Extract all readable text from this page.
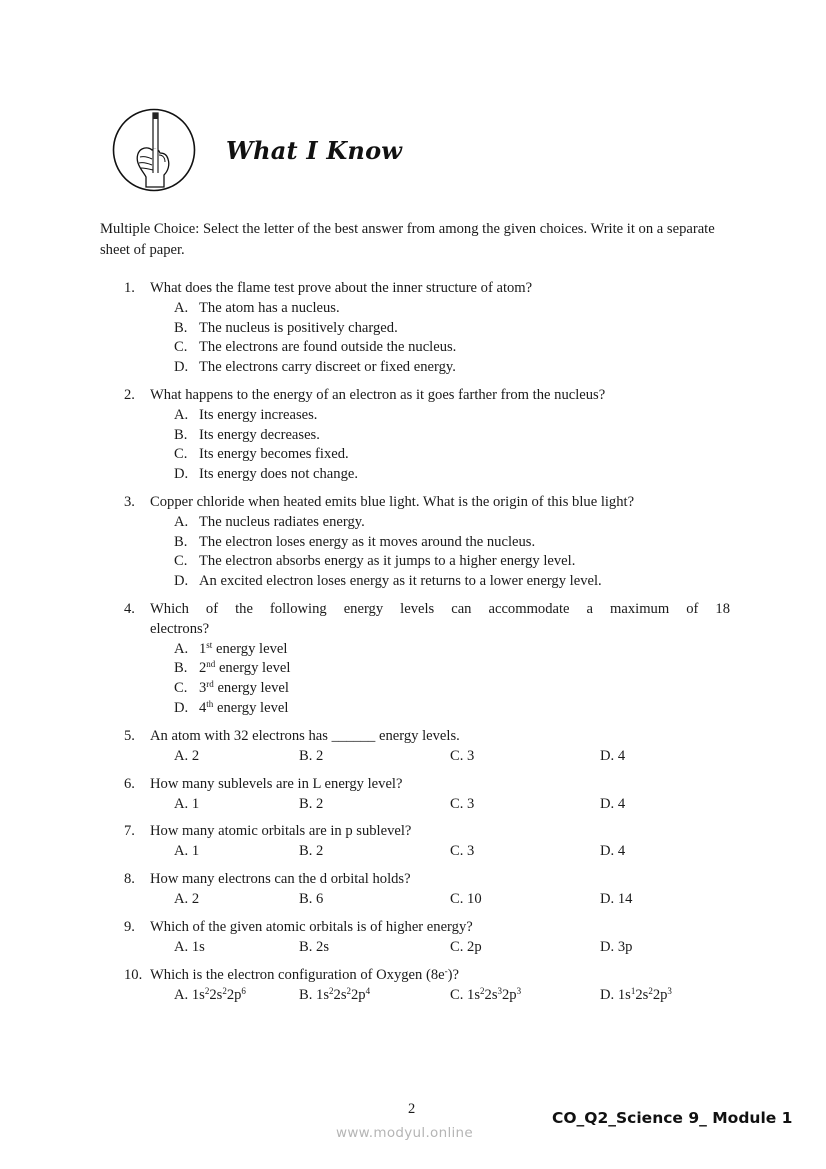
What I Know
Multiple Choice: Select the letter of the best answer from among the given choices. Write it on a separate sheet of paper.
1.	What does the flame test prove about the inner structure of atom?
A. The atom has a nucleus.
B. The nucleus is positively charged.
C. The electrons are found outside the nucleus.
D. The electrons carry discreet or fixed energy.
2.	What happens to the energy of an electron as it goes farther from the nucleus?
A. Its energy increases.
B. Its energy decreases.
C. Its energy becomes fixed.
D. Its energy does not change.
3.	Copper chloride when heated emits blue light. What is the origin of this blue light?
A. The nucleus radiates energy.
B. The electron loses energy as it moves around the nucleus.
C. The electron absorbs energy as it jumps to a higher energy level.
D. An excited electron loses energy as it returns to a lower energy level.
4.	Which of the following energy levels can accommodate a maximum of 18
electrons?
A. 1st energy level
B. 2nd energy level
C. 3rd energy level
D. 4th energy level
5.	An atom with 32 electrons has ______ energy levels.
A. 2	B. 2	C. 3	D. 4
6.	How many sublevels are in L energy level?
A. 1	B. 2	C. 3	D. 4
7.	How many atomic orbitals are in p sublevel?
A. 1	B. 2	C. 3	D. 4
8.	How many electrons can the d orbital holds?
A. 2	B. 6	C. 10	D. 14
9.	Which of the given atomic orbitals is of higher energy?
A. 1s	B. 2s	C. 2p	D. 3p
10. Which is the electron configuration of Oxygen (8e-)?
A. $1s^22s^22p^6$	B. $1s^22s^22p^4$	C. $1s^22s^32p^3$	D. $1s^12s^22p^3$
2
www.modyul.online
CO_Q2_Science 9_ Module 1
